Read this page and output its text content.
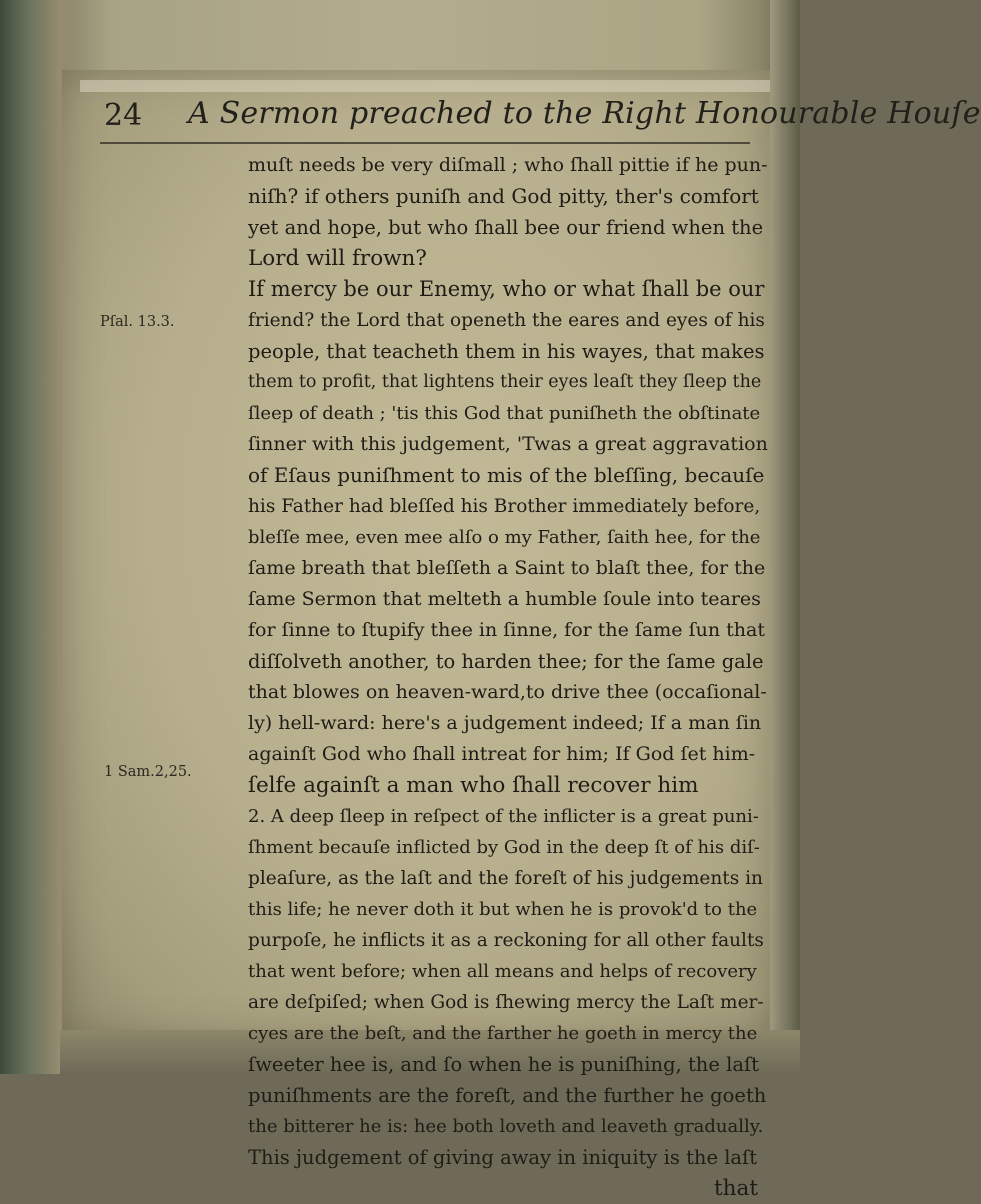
24 A Sermon preached to the Right Honourable Houſe
Pſal. 13.3.
1 Sam.2,25.
muſt needs be very diſmall ; who ſhall pittie if he pun-
niſh? if others puniſh and God pitty, ther's comfort
yet and hope, but who ſhall bee our friend when the
Lord will frown?
If mercy be our Enemy, who or what ſhall be our
friend? the Lord that openeth the eares and eyes of his
people, that teacheth them in his wayes, that makes
them to profit, that lightens their eyes leaſt they ſleep the
ſleep of death ; 'tis this God that puniſheth the obſtinate
ſinner with this judgement, 'Twas a great aggravation
of Eſaus puniſhment to mis of the bleſſing, becauſe
his Father had bleſſed his Brother immediately before,
bleſſe mee, even mee alſo o my Father, ſaith hee, for the
ſame breath that bleſſeth a Saint to blaſt thee, for the
ſame Sermon that melteth a humble ſoule into teares
for ſinne to ſtupify thee in ſinne, for the ſame ſun that
diſſolveth another, to harden thee; for the ſame gale
that blowes on heaven-ward,to drive thee (occaſional-
ly) hell-ward: here's a judgement indeed; If a man ſin
againſt God who ſhall intreat for him; If God ſet him-
ſelfe againſt a man who ſhall recover him
2. A deep ſleep in reſpect of the inflicter is a great puni-
ſhment becauſe inflicted by God in the deep ſt of his diſ-
pleaſure, as the laſt and the foreſt of his judgements in
this life; he never doth it but when he is provok'd to the
purpoſe, he inflicts it as a reckoning for all other faults
that went before; when all means and helps of recovery
are deſpiſed; when God is ſhewing mercy the Laſt mer-
cyes are the beſt, and the farther he goeth in mercy the
ſweeter hee is, and ſo when he is puniſhing, the laſt
puniſhments are the foreſt, and the further he goeth
the bitterer he is: hee both loveth and leaveth gradually.
This judgement of giving away in iniquity is the laſt
that
